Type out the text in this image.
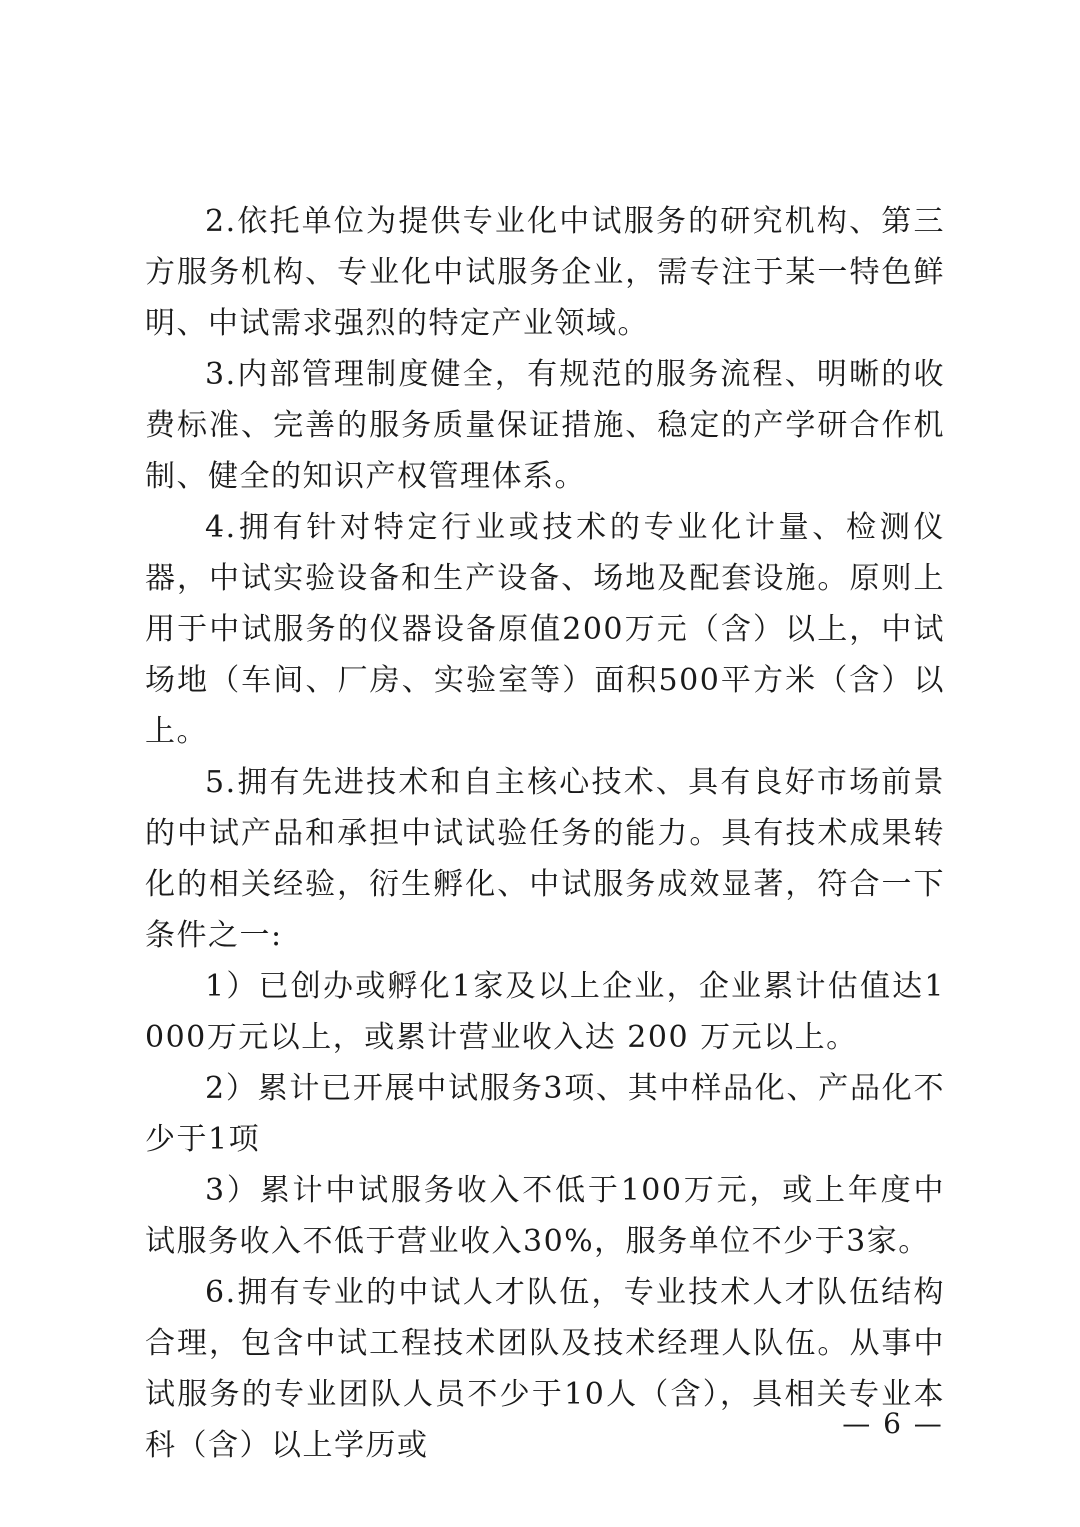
2.依托单位为提供专业化中试服务的研究机构、第三方服务机构、专业化中试服务企业，需专注于某一特色鲜明、中试需求强烈的特定产业领域。

3.内部管理制度健全，有规范的服务流程、明晰的收费标准、完善的服务质量保证措施、稳定的产学研合作机制、健全的知识产权管理体系。

4.拥有针对特定行业或技术的专业化计量、检测仪器，中试实验设备和生产设备、场地及配套设施。原则上用于中试服务的仪器设备原值200万元（含）以上，中试场地（车间、厂房、实验室等）面积500平方米（含）以上。

5.拥有先进技术和自主核心技术、具有良好市场前景的中试产品和承担中试试验任务的能力。具有技术成果转化的相关经验，衍生孵化、中试服务成效显著，符合一下条件之一:

1）已创办或孵化1家及以上企业，企业累计估值达1000万元以上，或累计营业收入达 200 万元以上。

2）累计已开展中试服务3项、其中样品化、产品化不少于1项

3）累计中试服务收入不低于100万元，或上年度中试服务收入不低于营业收入30%，服务单位不少于3家。

6.拥有专业的中试人才队伍，专业技术人才队伍结构合理，包含中试工程技术团队及技术经理人队伍。从事中试服务的专业团队人员不少于10人（含），具相关专业本科（含）以上学历或

— 6 —
